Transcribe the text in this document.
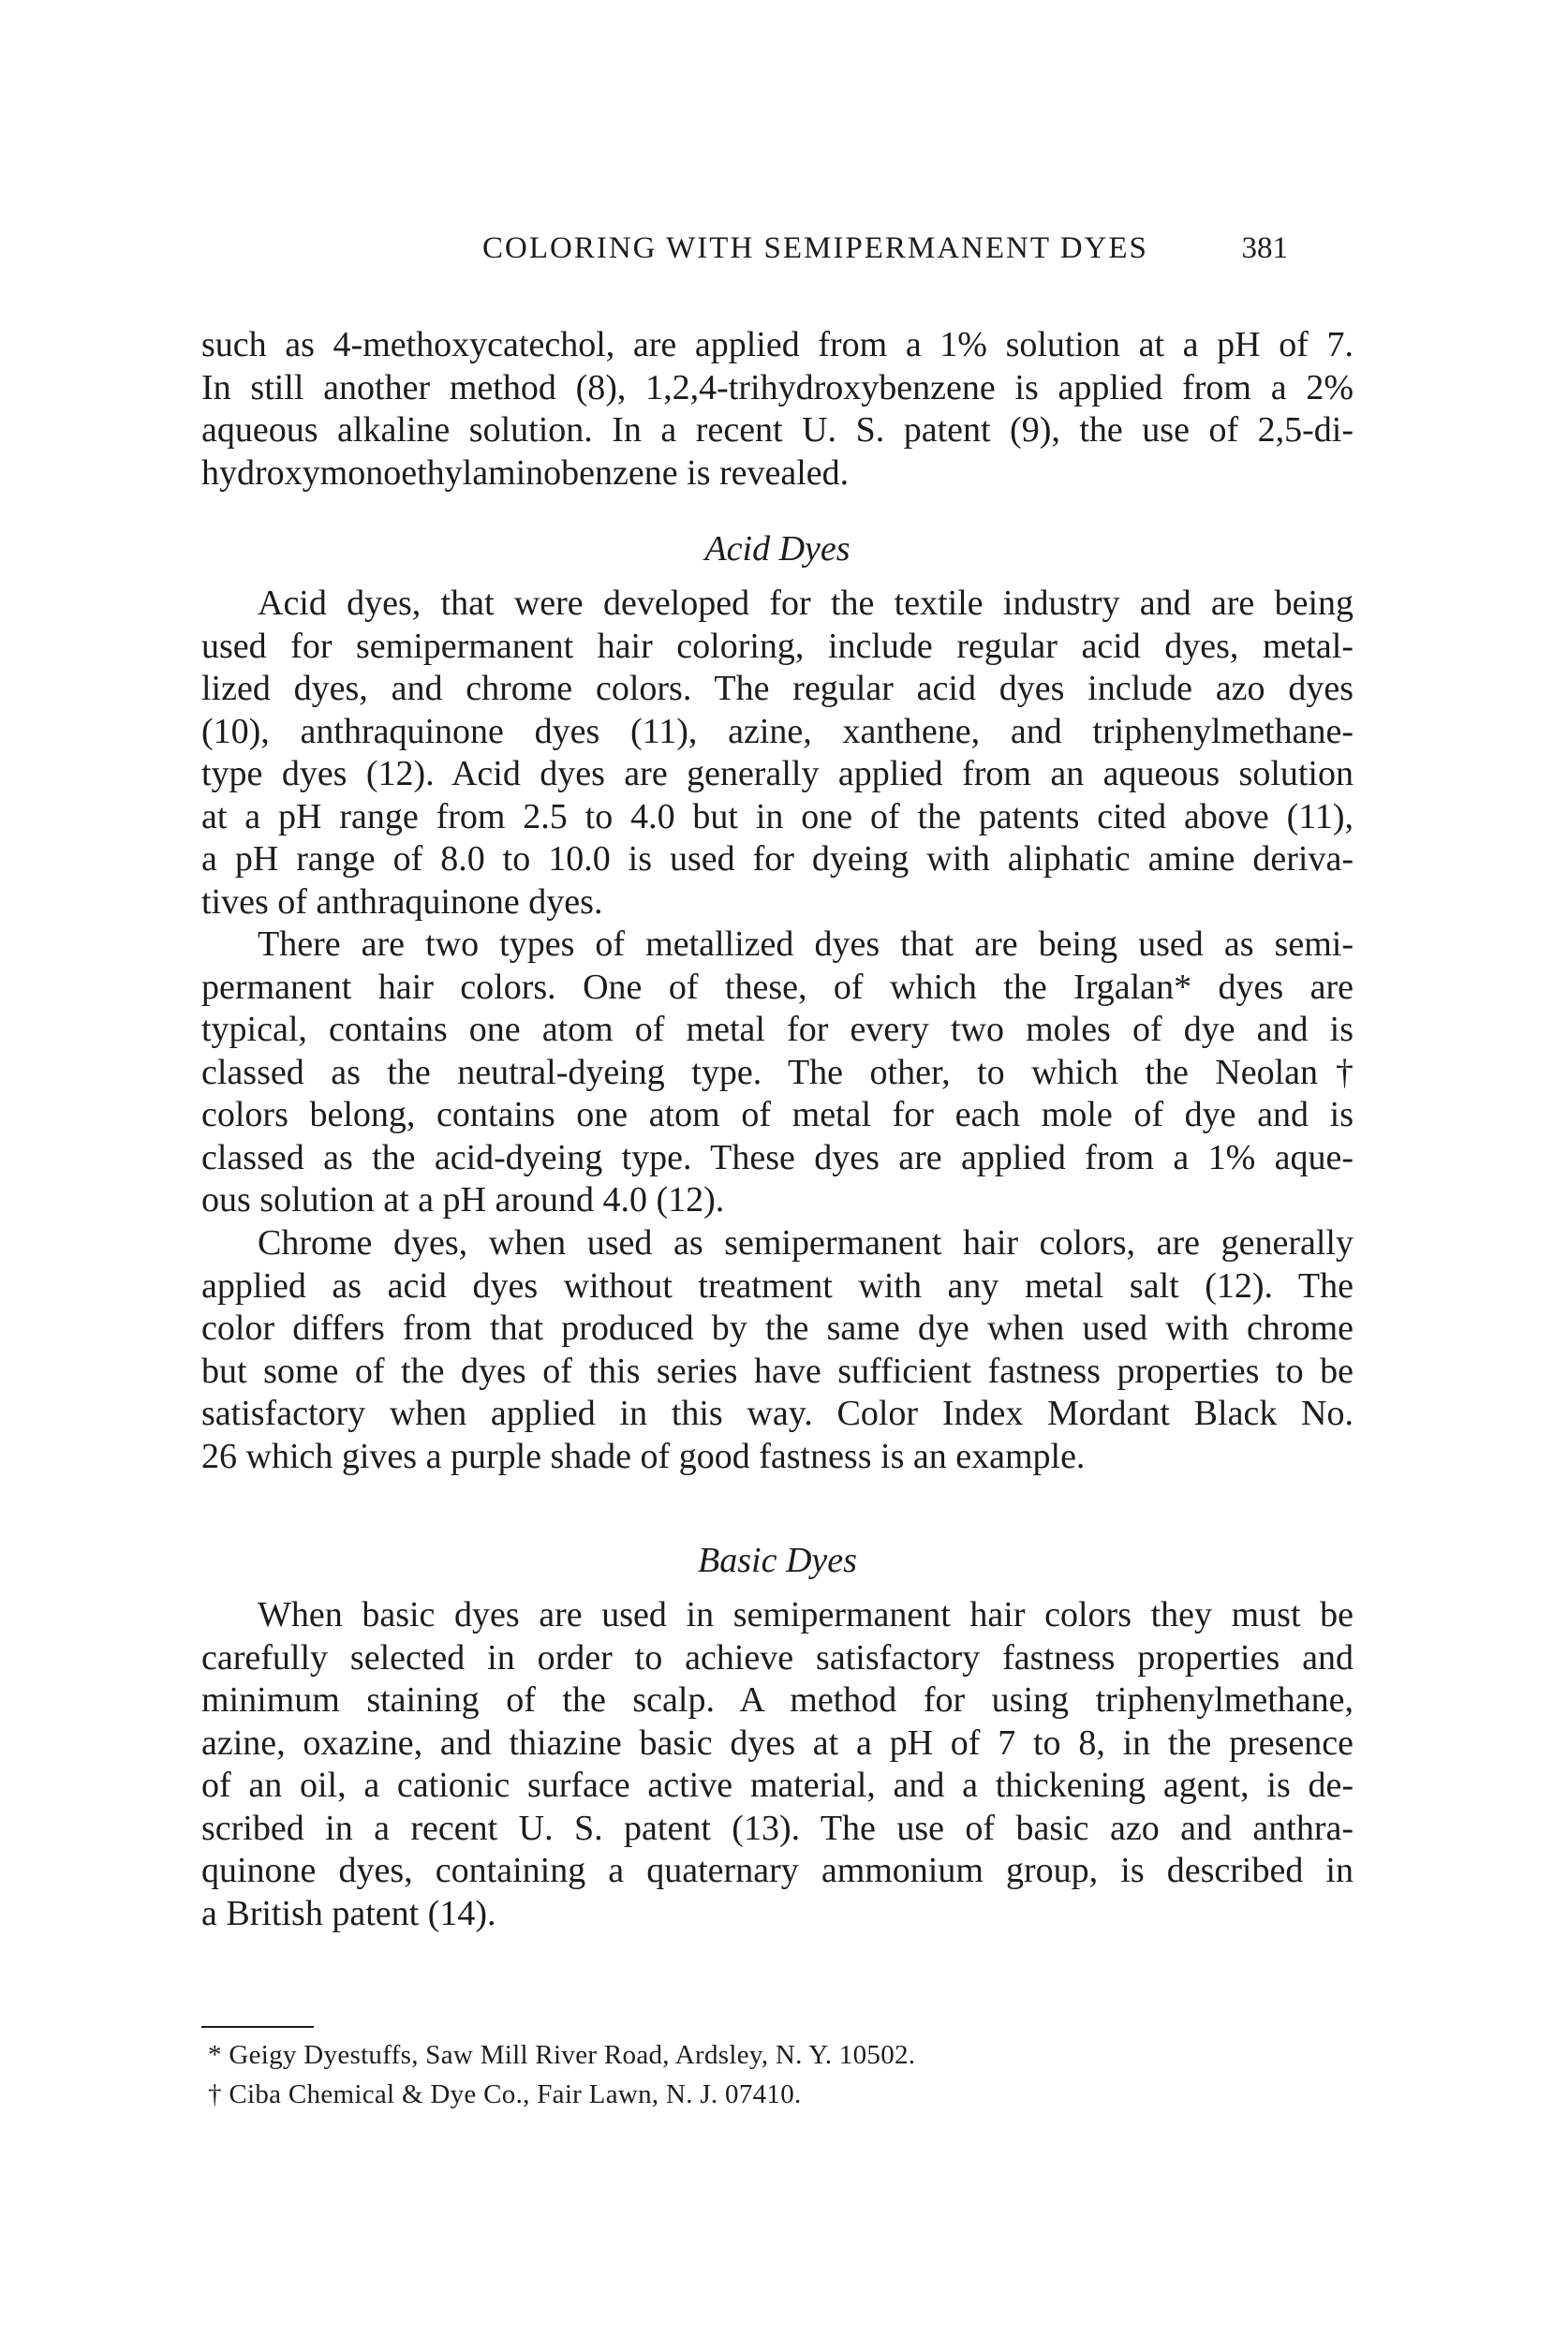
COLORING WITH SEMIPERMANENT DYES	381
such as 4-methoxycatechol, are applied from a 1% solution at a pH of 7.
In still another method (8), 1,2,4-trihydroxybenzene is applied from a 2%
aqueous alkaline solution. In a recent U. S. patent (9), the use of 2,5-di-
hydroxymonoethylaminobenzene is revealed.
Acid Dyes
Acid dyes, that were developed for the textile industry and are being
used for semipermanent hair coloring, include regular acid dyes, metal-
lized dyes, and chrome colors. The regular acid dyes include azo dyes
(10), anthraquinone dyes (11), azine, xanthene, and triphenylmethane-
type dyes (12). Acid dyes are generally applied from an aqueous solution
at a pH range from 2.5 to 4.0 but in one of the patents cited above (11),
a pH range of 8.0 to 10.0 is used for dyeing with aliphatic amine deriva-
tives of anthraquinone dyes.
There are two types of metallized dyes that are being used as semi-
permanent hair colors. One of these, of which the Irgalan* dyes are
typical, contains one atom of metal for every two moles of dye and is
classed as the neutral-dyeing type. The other, to which the Neolan†
colors belong, contains one atom of metal for each mole of dye and is
classed as the acid-dyeing type. These dyes are applied from a 1% aque-
ous solution at a pH around 4.0 (12).
Chrome dyes, when used as semipermanent hair colors, are generally
applied as acid dyes without treatment with any metal salt (12). The
color differs from that produced by the same dye when used with chrome
but some of the dyes of this series have sufficient fastness properties to be
satisfactory when applied in this way. Color Index Mordant Black No.
26 which gives a purple shade of good fastness is an example.
Basic Dyes
When basic dyes are used in semipermanent hair colors they must be
carefully selected in order to achieve satisfactory fastness properties and
minimum staining of the scalp. A method for using triphenylmethane,
azine, oxazine, and thiazine basic dyes at a pH of 7 to 8, in the presence
of an oil, a cationic surface active material, and a thickening agent, is de-
scribed in a recent U. S. patent (13). The use of basic azo and anthra-
quinone dyes, containing a quaternary ammonium group, is described in
a British patent (14).
* Geigy Dyestuffs, Saw Mill River Road, Ardsley, N. Y. 10502.
† Ciba Chemical & Dye Co., Fair Lawn, N. J. 07410.
